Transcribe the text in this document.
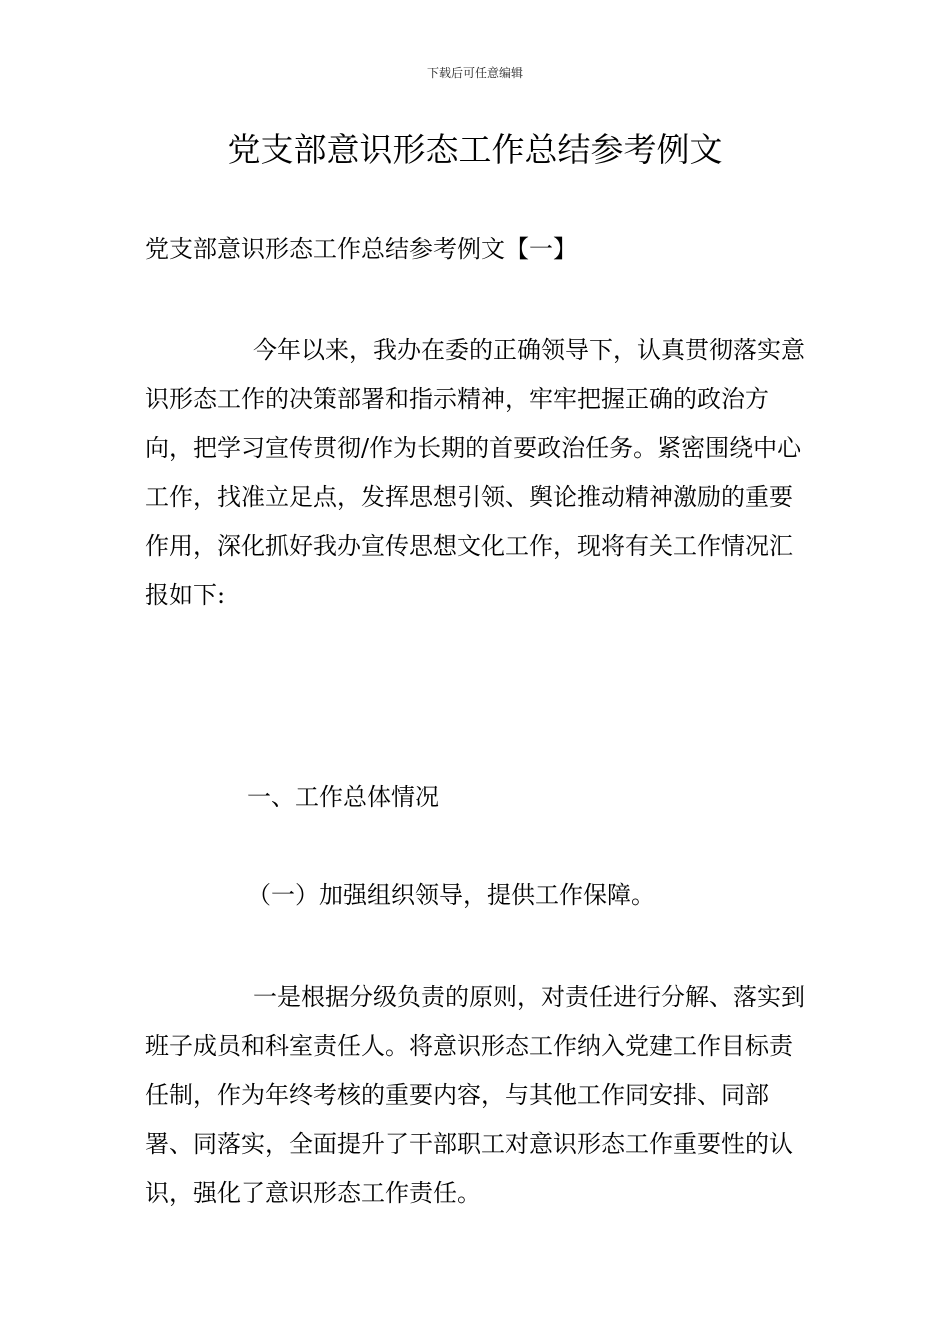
下载后可任意编辑
党支部意识形态工作总结参考例文

党支部意识形态工作总结参考例文【一】

今年以来，我办在委的正确领导下，认真贯彻落实意识形态工作的决策部署和指示精神，牢牢把握正确的政治方向，把学习宣传贯彻/作为长期的首要政治任务。紧密围绕中心工作，找准立足点，发挥思想引领、舆论推动精神激励的重要作用，深化抓好我办宣传思想文化工作，现将有关工作情况汇报如下:

一、工作总体情况

（一）加强组织领导，提供工作保障。

一是根据分级负责的原则，对责任进行分解、落实到班子成员和科室责任人。将意识形态工作纳入党建工作目标责任制，作为年终考核的重要内容，与其他工作同安排、同部署、同落实，全面提升了干部职工对意识形态工作重要性的认识，强化了意识形态工作责任。
